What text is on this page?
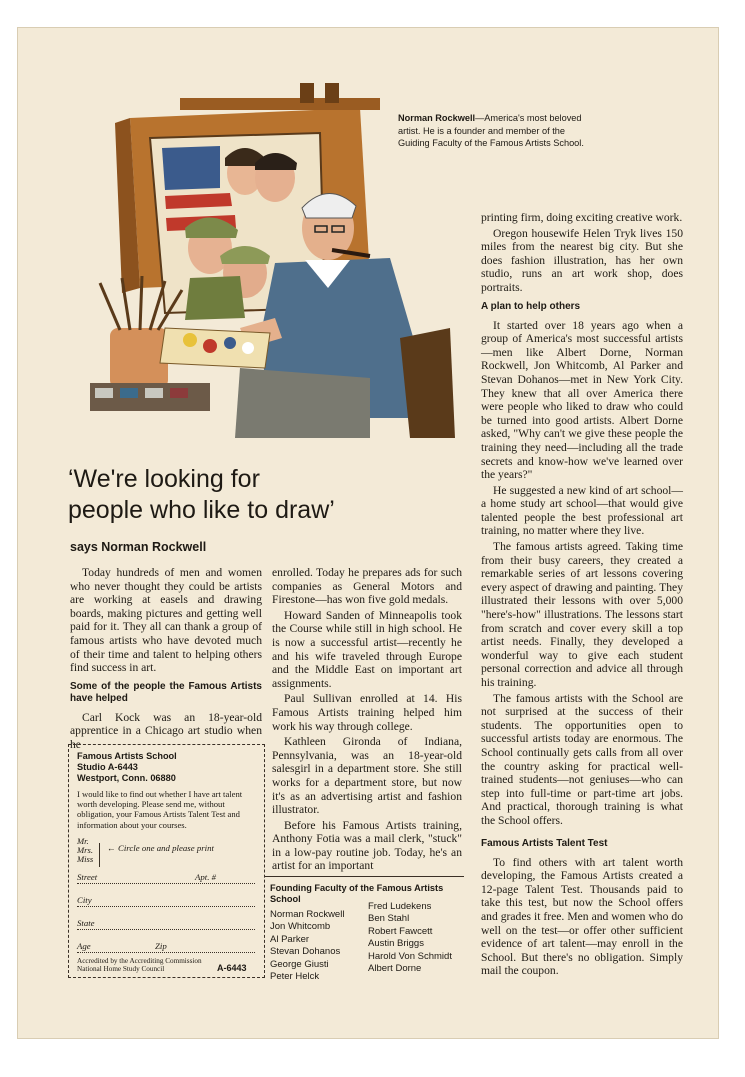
Norman Rockwell—America's most beloved artist. He is a founder and member of the Guiding Faculty of the Famous Artists School.
‘We're looking for
people who like to draw’
says Norman Rockwell

Today hundreds of men and women who never thought they could be artists are working at easels and drawing boards, making pictures and getting well paid for it. They all can thank a group of famous artists who have devoted much of their time and talent to helping others find success in art.

Some of the people the Famous Artists have helped

Carl Kock was an 18-year-old apprentice in a Chicago art studio when he

Famous Artists School
Studio A-6443
Westport, Conn. 06880
I would like to find out whether I have art talent worth developing. Please send me, without obligation, your Famous Artists Talent Test and information about your courses.
Mr.
Mrs.
Miss
← Circle one and please print
Street	Apt. #
City
State
Age	Zip
Accredited by the Accrediting Commission National Home Study Council	A-6443

enrolled. Today he prepares ads for such companies as General Motors and Firestone—has won five gold medals.

Howard Sanden of Minneapolis took the Course while still in high school. He is now a successful artist—recently he and his wife traveled through Europe and the Middle East on important art assignments.

Paul Sullivan enrolled at 14. His Famous Artists training helped him work his way through college.

Kathleen Gironda of Indiana, Pennsylvania, was an 18-year-old salesgirl in a department store. She still works for a department store, but now it's as an advertising artist and fashion illustrator.

Before his Famous Artists training, Anthony Fotia was a mail clerk, "stuck" in a low-pay routine job. Today, he's an artist for an important

Founding Faculty of the Famous Artists School
Norman Rockwell
Jon Whitcomb
Al Parker
Stevan Dohanos
George Giusti
Peter Helck
Fred Ludekens
Ben Stahl
Robert Fawcett
Austin Briggs
Harold Von Schmidt
Albert Dorne

printing firm, doing exciting creative work.

Oregon housewife Helen Tryk lives 150 miles from the nearest big city. But she does fashion illustration, has her own studio, runs an art work shop, does portraits.

A plan to help others

It started over 18 years ago when a group of America's most successful artists—men like Albert Dorne, Norman Rockwell, Jon Whitcomb, Al Parker and Stevan Dohanos—met in New York City. They knew that all over America there were people who liked to draw who could be turned into good artists. Albert Dorne asked, "Why can't we give these people the training they need—including all the trade secrets and know-how we've learned over the years?"

He suggested a new kind of art school—a home study art school—that would give talented people the best professional art training, no matter where they live.

The famous artists agreed. Taking time from their busy careers, they created a remarkable series of art lessons covering every aspect of drawing and painting. They illustrated their lessons with over 5,000 "here's-how" illustrations. The lessons start from scratch and cover every skill a top artist needs. Finally, they developed a wonderful way to give each student personal correction and advice all through his training.

The famous artists with the School are not surprised at the success of their students. The opportunities open to successful artists today are enormous. The School continually gets calls from all over the country asking for practical well-trained students—not geniuses—who can step into full-time or part-time art jobs. And practical, thorough training is what the School offers.

Famous Artists Talent Test

To find others with art talent worth developing, the Famous Artists created a 12-page Talent Test. Thousands paid to take this test, but now the School offers and grades it free. Men and women who do well on the test—or offer other sufficient evidence of art talent—may enroll in the School. But there's no obligation. Simply mail the coupon.
